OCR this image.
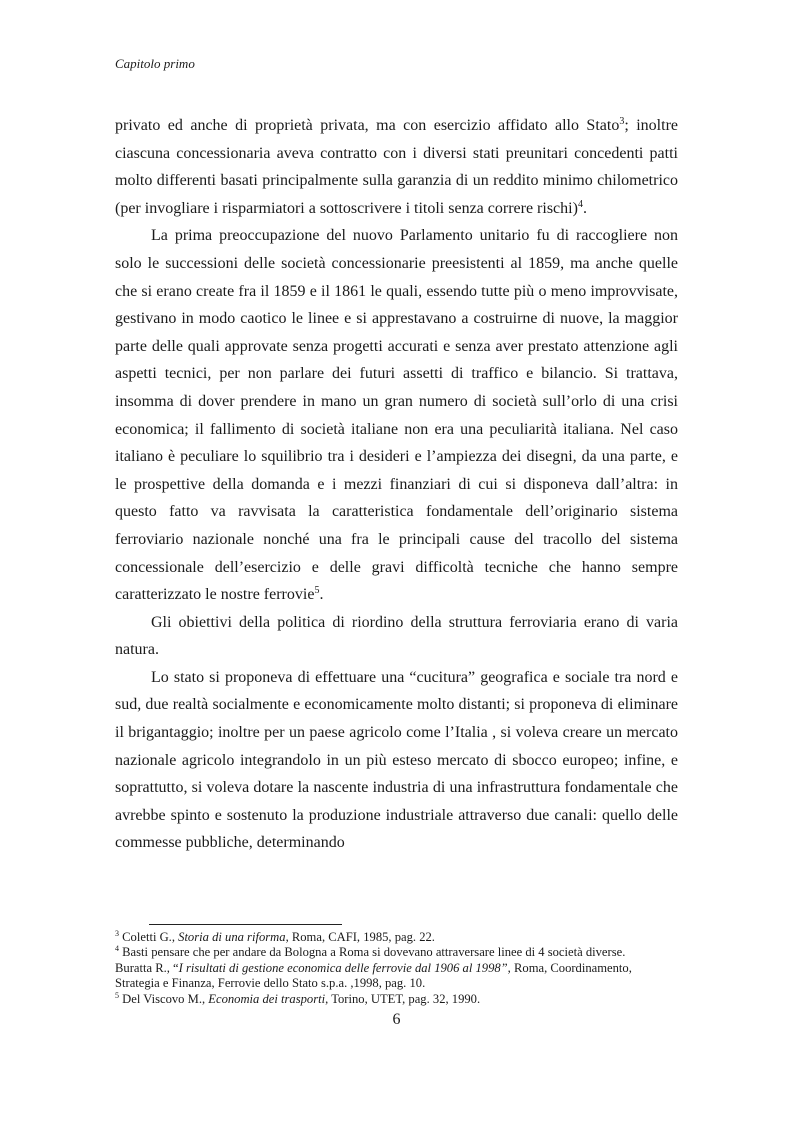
Capitolo primo

privato ed anche di proprietà privata, ma con esercizio affidato allo Stato$^3$; inoltre ciascuna concessionaria aveva contratto con i diversi stati preunitari concedenti patti molto differenti basati principalmente sulla garanzia di un reddito minimo chilometrico (per invogliare i risparmiatori a sottoscrivere i titoli senza correre rischi)$^4$.

La prima preoccupazione del nuovo Parlamento unitario fu di raccogliere non solo le successioni delle società concessionarie preesistenti al 1859, ma anche quelle che si erano create fra il 1859 e il 1861 le quali, essendo tutte più o meno improvvisate, gestivano in modo caotico le linee e si apprestavano a costruirne di nuove, la maggior parte delle quali approvate senza progetti accurati e senza aver prestato attenzione agli aspetti tecnici, per non parlare dei futuri assetti di traffico e bilancio. Si trattava, insomma di dover prendere in mano un gran numero di società sull’orlo di una crisi economica; il fallimento di società italiane non era una peculiarità italiana. Nel caso italiano è peculiare lo squilibrio tra i desideri e l’ampiezza dei disegni, da una parte, e le prospettive della domanda e i mezzi finanziari di cui si disponeva dall’altra: in questo fatto va ravvisata la caratteristica fondamentale dell’originario sistema ferroviario nazionale nonché una fra le principali cause del tracollo del sistema concessionale dell’esercizio e delle gravi difficoltà tecniche che hanno sempre caratterizzato le nostre ferrovie$^5$.

Gli obiettivi della politica di riordino della struttura ferroviaria erano di varia natura.

Lo stato si proponeva di effettuare una “cucitura” geografica e sociale tra nord e sud, due realtà socialmente e economicamente molto distanti; si proponeva di eliminare il brigantaggio; inoltre per un paese agricolo come l’Italia , si voleva creare un mercato nazionale agricolo integrandolo in un più esteso mercato di sbocco europeo; infine, e soprattutto, si voleva dotare la nascente industria di una infrastruttura fondamentale che avrebbe spinto e sostenuto la produzione industriale attraverso due canali: quello delle commesse pubbliche, determinando

$^3$ Coletti G., Storia di una riforma, Roma, CAFI, 1985, pag. 22.

$^4$ Basti pensare che per andare da Bologna a Roma si dovevano attraversare linee di 4 società diverse.
Buratta R., “I risultati di gestione economica delle ferrovie dal 1906 al 1998”, Roma, Coordinamento, Strategia e Finanza, Ferrovie dello Stato s.p.a. ,1998, pag. 10.

$^5$ Del Viscovo M., Economia dei trasporti, Torino, UTET, pag. 32, 1990.

6
